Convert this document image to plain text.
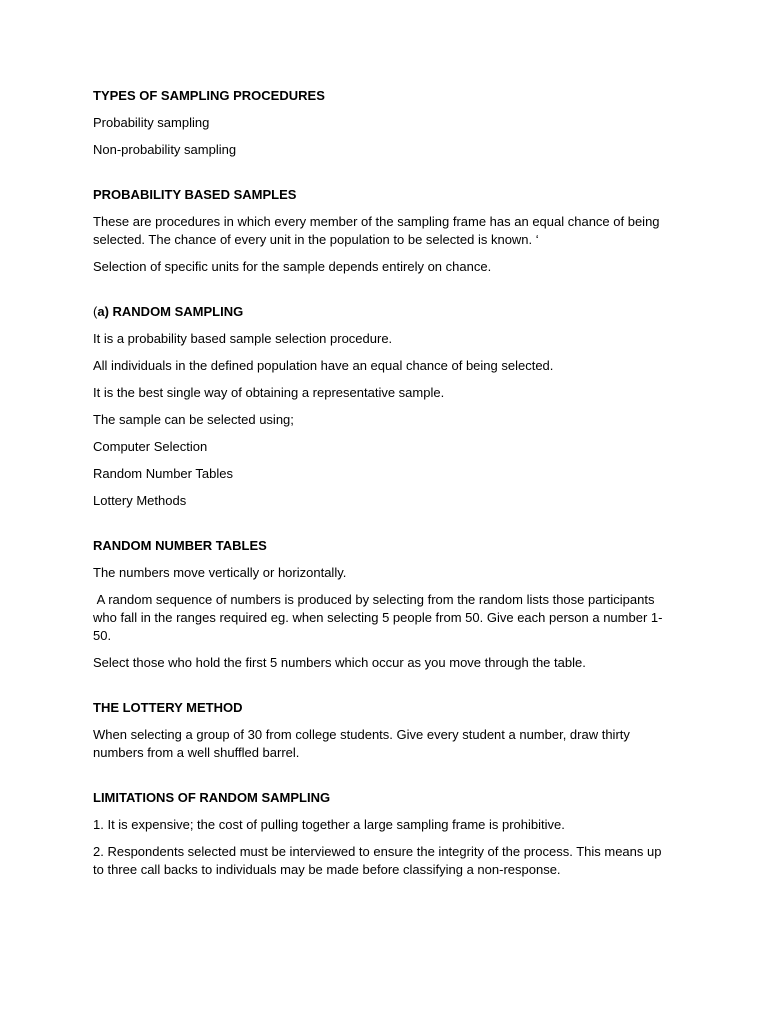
TYPES OF SAMPLING PROCEDURES
Probability sampling
Non-probability sampling
PROBABILITY BASED SAMPLES
These are procedures in which every member of the sampling frame has an equal chance of being selected. The chance of every unit in the population to be selected is known. ‘
Selection of specific units for the sample depends entirely on chance.
(a) RANDOM SAMPLING
It is a probability based sample selection procedure.
All individuals in the defined population have an equal chance of being selected.
It is the best single way of obtaining a representative sample.
The sample can be selected using;
Computer Selection
Random Number Tables
Lottery Methods
RANDOM NUMBER TABLES
The numbers move vertically or horizontally.
A random sequence of numbers is produced by selecting from the random lists those participants who fall in the ranges required eg. when selecting 5 people from 50. Give each person a number 1-50.
Select those who hold the first 5 numbers which occur as you move through the table.
THE LOTTERY METHOD
When selecting a group of 30 from college students. Give every student a number, draw thirty numbers from a well shuffled barrel.
LIMITATIONS OF RANDOM SAMPLING
1. It is expensive; the cost of pulling together a large sampling frame is prohibitive.
2. Respondents selected must be interviewed to ensure the integrity of the process. This means up to three call backs to individuals may be made before classifying a non-response.
